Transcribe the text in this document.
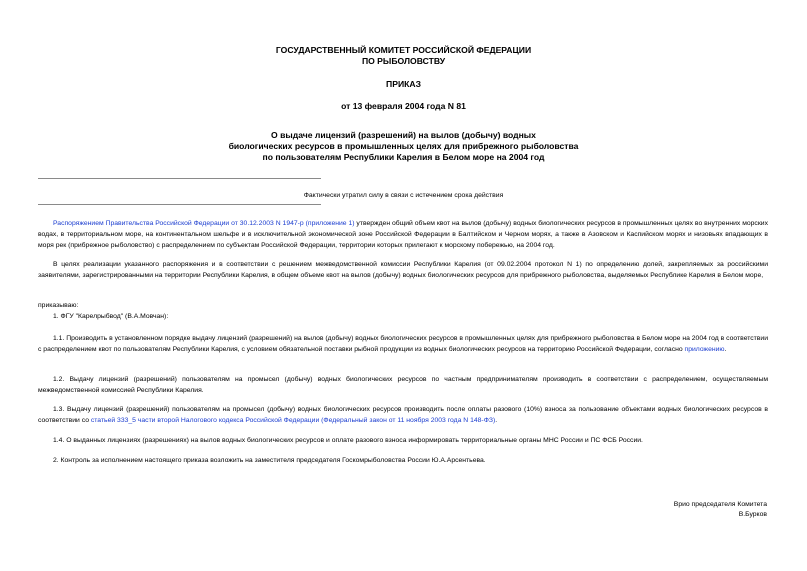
ГОСУДАРСТВЕННЫЙ КОМИТЕТ РОССИЙСКОЙ ФЕДЕРАЦИИ
ПО РЫБОЛОВСТВУ
ПРИКАЗ
от 13 февраля 2004 года N 81
О выдаче лицензий (разрешений) на вылов (добычу) водных
биологических ресурсов в промышленных целях для прибрежного рыболовства
по пользователям Республики Карелия в Белом море на 2004 год
Фактически утратил силу в связи с истечением срока действия
Распоряжением Правительства Российской Федерации от 30.12.2003 N 1947-р (приложение 1) утвержден общий объем квот на вылов (добычу) водных биологических ресурсов в промышленных целях во внутренних морских водах, в территориальном море, на континентальном шельфе и в исключительной экономической зоне Российской Федерации в Балтийском и Черном морях, а также в Азовском и Каспийском морях и низовьях впадающих в моря рек (прибрежное рыболовство) с распределением по субъектам Российской Федерации, территории которых прилегают к морскому побережью, на 2004 год.
В целях реализации указанного распоряжения и в соответствии с решением межведомственной комиссии Республики Карелия (от 09.02.2004 протокол N 1) по определению долей, закрепляемых за российскими заявителями, зарегистрированными на территории Республики Карелия, в общем объеме квот на вылов (добычу) водных биологических ресурсов для прибрежного рыболовства, выделяемых Республике Карелия в Белом море,
приказываю:
1. ФГУ "Карелрыбвод" (В.А.Мовчан):
1.1. Производить в установленном порядке выдачу лицензий (разрешений) на вылов (добычу) водных биологических ресурсов в промышленных целях для прибрежного рыболовства в Белом море на 2004 год в соответствии с распределением квот по пользователям Республики Карелия, с условием обязательной поставки рыбной продукции из водных биологических ресурсов на территорию Российской Федерации, согласно приложению.
1.2. Выдачу лицензий (разрешений) пользователям на промысел (добычу) водных биологических ресурсов по частным предпринимателям производить в соответствии с распределением, осуществляемым межведомственной комиссией Республики Карелия.
1.3. Выдачу лицензий (разрешений) пользователям на промысел (добычу) водных биологических ресурсов производить после оплаты разового (10%) взноса за пользование объектами водных биологических ресурсов в соответствии со статьей 333_5 части второй Налогового кодекса Российской Федерации (Федеральный закон от 11 ноября 2003 года N 148-ФЗ).
1.4. О выданных лицензиях (разрешениях) на вылов водных биологических ресурсов и оплате разового взноса информировать территориальные органы МНС России и ПС ФСБ России.
2. Контроль за исполнением настоящего приказа возложить на заместителя председателя Госкомрыболовства России Ю.А.Арсентьева.
Врио председателя Комитета
В.Бурков
